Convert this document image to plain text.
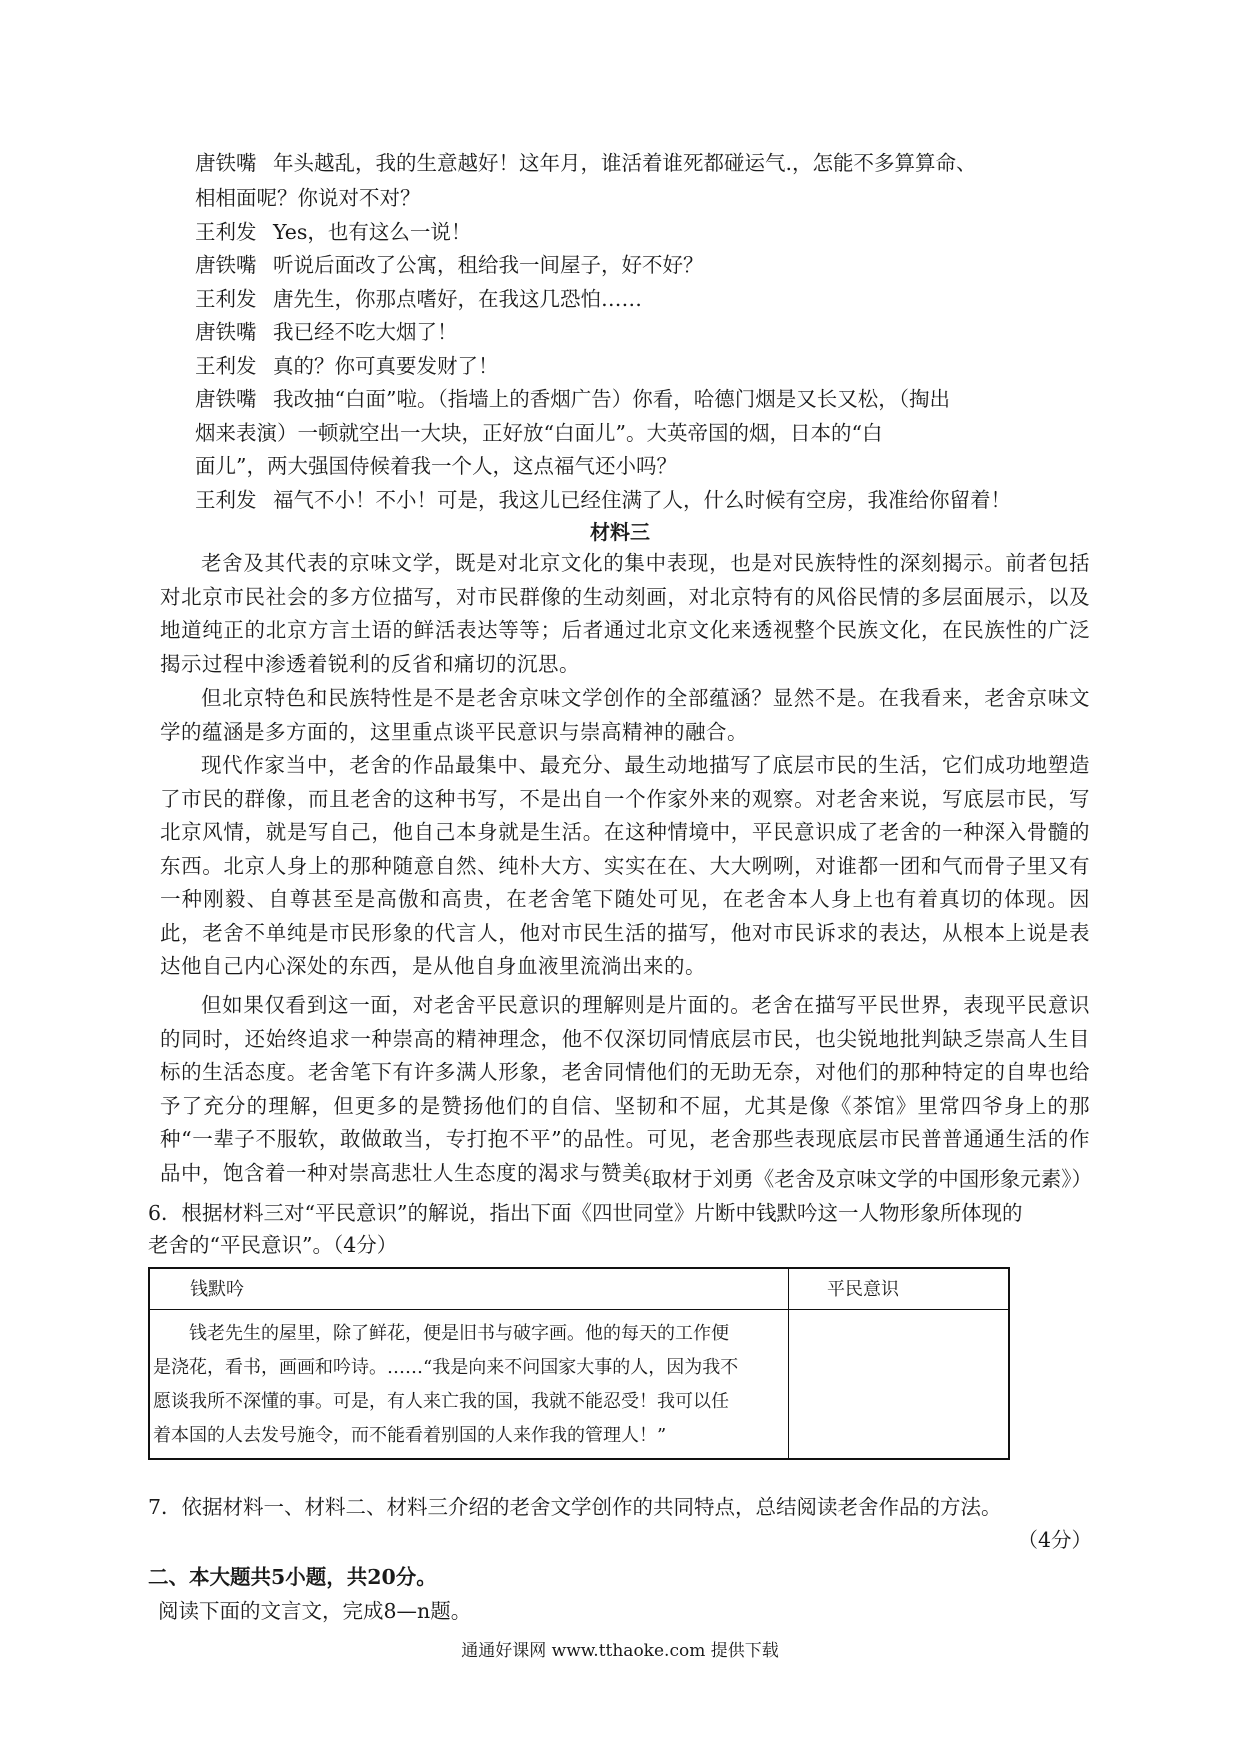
唐铁嘴 年头越乱，我的生意越好！这年月，谁活着谁死都碰运气.，怎能不多算算命、
相相面呢？你说对不对？
王利发 Yes，也有这么一说！
唐铁嘴 听说后面改了公寓，租给我一间屋子，好不好？
王利发 唐先生，你那点嗜好，在我这几恐怕……
唐铁嘴 我已经不吃大烟了！
王利发 真的？你可真要发财了！
唐铁嘴 我改抽“白面”啦。（指墙上的香烟广告）你看，哈德门烟是又长又松，（掏出
烟来表演）一顿就空出一大块，正好放“白面儿”。大英帝国的烟，日本的“白
面儿”，两大强国侍候着我一个人，这点福气还小吗？
王利发 福气不小！不小！可是，我这儿已经住满了人，什么时候有空房，我准给你留着！
材料三
老舍及其代表的京味文学，既是对北京文化的集中表现，也是对民族特性的深刻揭示。前者包括对北京市民社会的多方位描写，对市民群像的生动刻画，对北京特有的风俗民情的多层面展示，以及地道纯正的北京方言土语的鲜活表达等等；后者通过北京文化来透视整个民族文化，在民族性的广泛揭示过程中渗透着锐利的反省和痛切的沉思。
但北京特色和民族特性是不是老舍京味文学创作的全部蕴涵？显然不是。在我看来，老舍京味文学的蕴涵是多方面的，这里重点谈平民意识与崇高精神的融合。
现代作家当中，老舍的作品最集中、最充分、最生动地描写了底层市民的生活，它们成功地塑造了市民的群像，而且老舍的这种书写，不是出自一个作家外来的观察。对老舍来说，写底层市民，写北京风情，就是写自己，他自己本身就是生活。在这种情境中，平民意识成了老舍的一种深入骨髓的东西。北京人身上的那种随意自然、纯朴大方、实实在在、大大咧咧，对谁都一团和气而骨子里又有一种刚毅、自尊甚至是高傲和高贵，在老舍笔下随处可见，在老舍本人身上也有着真切的体现。因此，老舍不单纯是市民形象的代言人，他对市民生活的描写，他对市民诉求的表达，从根本上说是表达他自己内心深处的东西，是从他自身血液里流淌出来的。
但如果仅看到这一面，对老舍平民意识的理解则是片面的。老舍在描写平民世界，表现平民意识的同时，还始终追求一种崇高的精神理念，他不仅深切同情底层市民，也尖锐地批判缺乏崇高人生目标的生活态度。老舍笔下有许多满人形象，老舍同情他们的无助无奈，对他们的那种特定的自卑也给予了充分的理解，但更多的是赞扬他们的自信、坚韧和不屈，尤其是像《茶馆》里常四爷身上的那种“一辈子不服软，敢做敢当，专打抱不平”的品性。可见，老舍那些表现底层市民普普通通生活的作品中，饱含着一种对崇高悲壮人生态度的渴求与赞美。
（取材于刘勇《老舍及京味文学的中国形象元素》）
6．根据材料三对“平民意识”的解说，指出下面《四世同堂》片断中钱默吟这一人物形象所体现的
老舍的“平民意识”。（4分）
钱默吟	平民意识

钱老先生的屋里，除了鲜花，便是旧书与破字画。他的每天的工作便是浇花，看书，画画和吟诗。……“我是向来不问国家大事的人，因为我不愿谈我所不深懂的事。可是，有人来亡我的国，我就不能忍受！我可以任着本国的人去发号施令，而不能看着别国的人来作我的管理人！”	

7．依据材料一、材料二、材料三介绍的老舍文学创作的共同特点，总结阅读老舍作品的方法。
（4分）
二、本大题共5小题，共20分。
阅读下面的文言文，完成8—n题。
通通好课网 www.tthaoke.com 提供下载
